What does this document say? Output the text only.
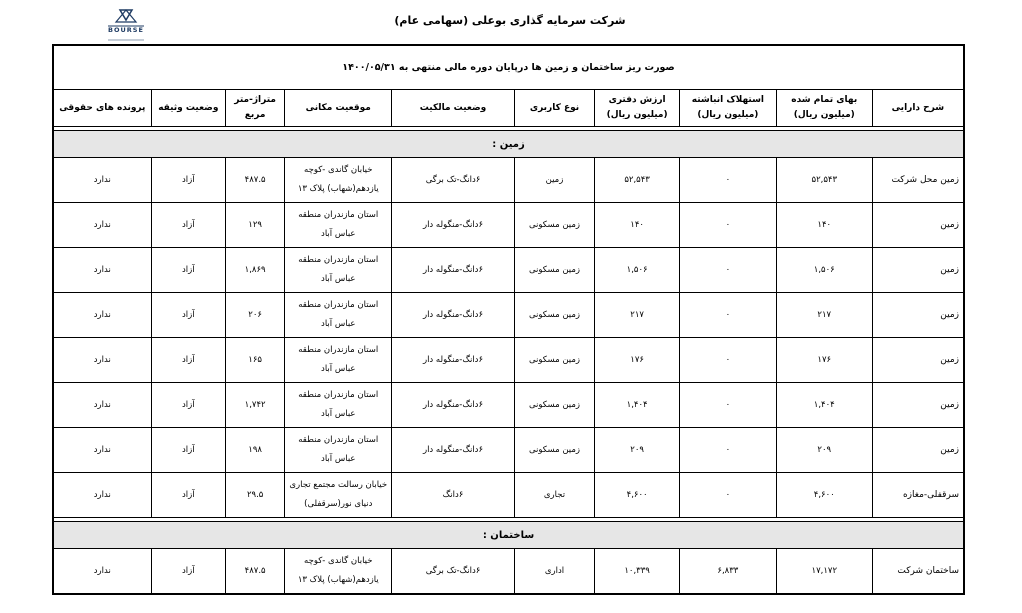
BOURSE
شرکت سرمایه گذاری بوعلی (سهامی عام)
صورت ریز ساختمان و زمین ها درپایان دوره مالی منتهی به ۱۴۰۰/۰۵/۳۱									
شرح دارایی	بهای تمام شده (میلیون ریال)	استهلاک انباشته (میلیون ریال)	ارزش دفتری (میلیون ریال)	نوع کاربری	وضعیت مالکیت	موقعیت مکانی	متراژ-متر مربع	وضعیت وثیقه	پرونده های حقوقی

زمین :									
زمین محل شرکت	۵۲,۵۴۳	۰	۵۲,۵۴۳	زمین	۶دانگ-تک برگی	خیابان گاندی -کوچه یازدهم(شهاب) پلاک ۱۳	۴۸۷.۵	آزاد	ندارد
زمین	۱۴۰	۰	۱۴۰	زمین مسکونی	۶دانگ-منگوله دار	استان مازندران منطقه عباس آباد	۱۲۹	آزاد	ندارد
زمین	۱,۵۰۶	۰	۱,۵۰۶	زمین مسکونی	۶دانگ-منگوله دار	استان مازندران منطقه عباس آباد	۱,۸۶۹	آزاد	ندارد
زمین	۲۱۷	۰	۲۱۷	زمین مسکونی	۶دانگ-منگوله دار	استان مازندران منطقه عباس آباد	۲۰۶	آزاد	ندارد
زمین	۱۷۶	۰	۱۷۶	زمین مسکونی	۶دانگ-منگوله دار	استان مازندران منطقه عباس آباد	۱۶۵	آزاد	ندارد
زمین	۱,۴۰۴	۰	۱,۴۰۴	زمین مسکونی	۶دانگ-منگوله دار	استان مازندران منطقه عباس آباد	۱,۷۴۲	آزاد	ندارد
زمین	۲۰۹	۰	۲۰۹	زمین مسکونی	۶دانگ-منگوله دار	استان مازندران منطقه عباس آباد	۱۹۸	آزاد	ندارد
سرقفلی-مغازه	۴,۶۰۰	۰	۴,۶۰۰	تجاری	۶دانگ	خیابان رسالت مجتمع تجاری دنیای نور(سرقفلی)	۲۹.۵	آزاد	ندارد

ساختمان :									
ساختمان شرکت	۱۷,۱۷۲	۶,۸۳۳	۱۰,۳۳۹	اداری	۶دانگ-تک برگی	خیابان گاندی -کوچه یازدهم(شهاب) پلاک ۱۳	۴۸۷.۵	آزاد	ندارد
